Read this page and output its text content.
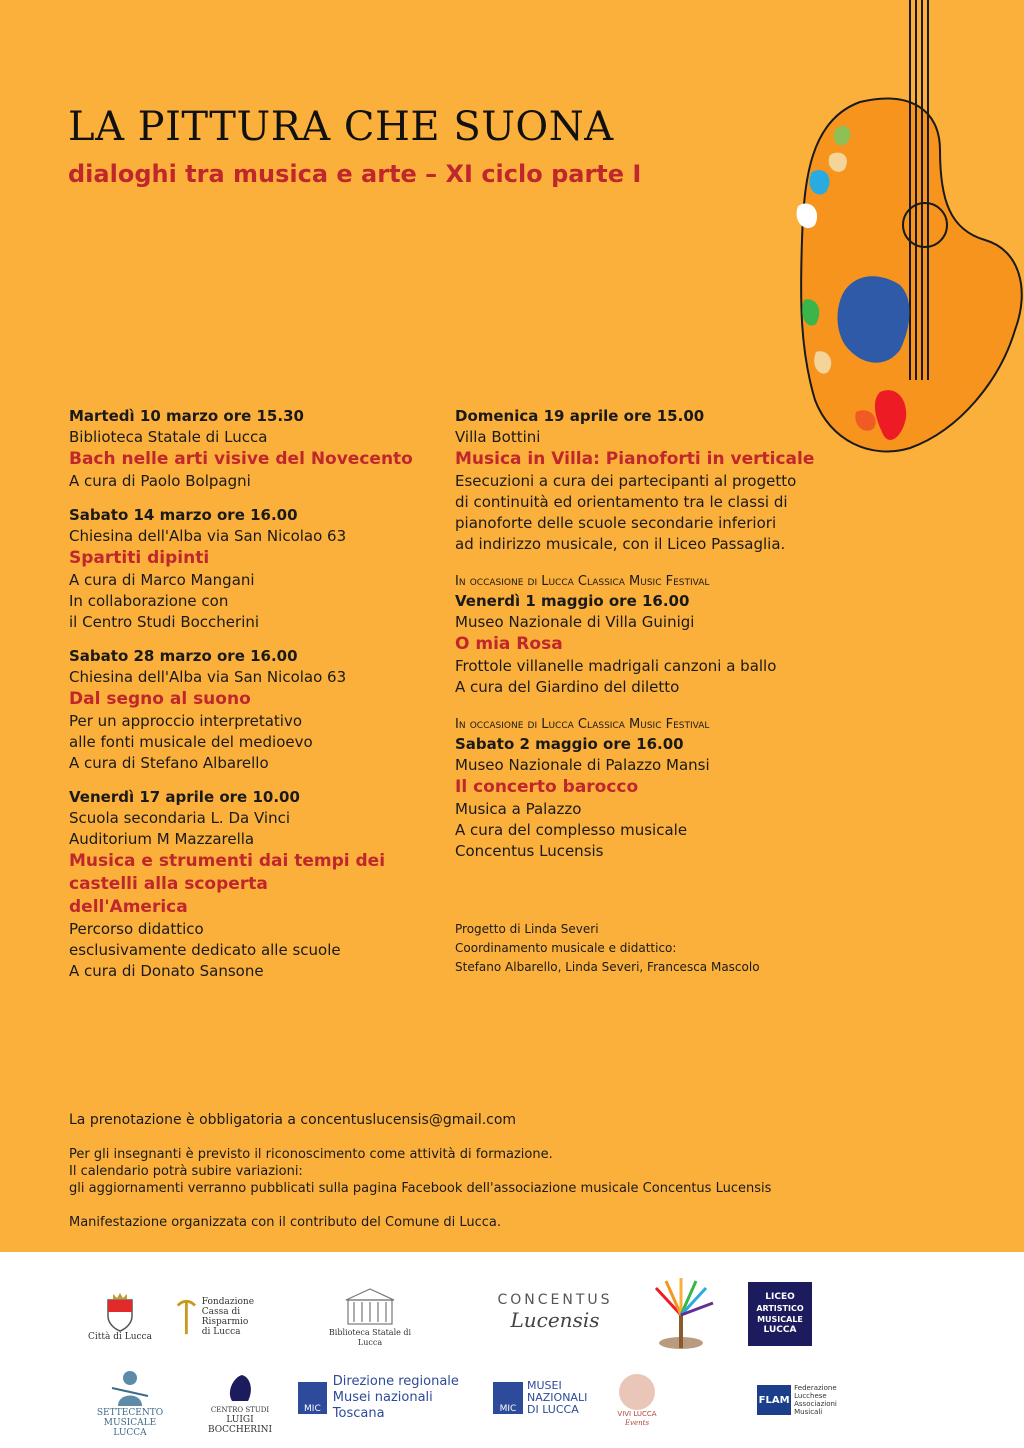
LA PITTURA CHE SUONA
dialoghi tra musica e arte – XI ciclo parte I
Martedì 10 marzo ore 15.30
Biblioteca Statale di Lucca
Bach nelle arti visive del Novecento
A cura di Paolo Bolpagni
Sabato 14 marzo ore 16.00
Chiesina dell'Alba via San Nicolao 63
Spartiti dipinti
A cura di Marco Mangani
In collaborazione con
il Centro Studi Boccherini
Sabato 28 marzo ore 16.00
Chiesina dell'Alba via San Nicolao 63
Dal segno al suono
Per un approccio interpretativo
alle fonti musicale del medioevo
A cura di Stefano Albarello
Venerdì 17 aprile ore 10.00
Scuola secondaria L. Da Vinci
Auditorium M Mazzarella
Musica e strumenti dai tempi dei castelli alla scoperta dell'America
Percorso didattico
esclusivamente dedicato alle scuole
A cura di Donato Sansone
Domenica 19 aprile ore 15.00
Villa Bottini
Musica in Villa: Pianoforti in verticale
Esecuzioni a cura dei partecipanti al progetto
di continuità ed orientamento tra le classi di
pianoforte delle scuole secondarie inferiori
ad indirizzo musicale, con il Liceo Passaglia.
In occasione di Lucca Classica Music Festival
Venerdì 1 maggio ore 16.00
Museo Nazionale di Villa Guinigi
O mia Rosa
Frottole villanelle madrigali canzoni a ballo
A cura del Giardino del diletto
In occasione di Lucca Classica Music Festival
Sabato 2 maggio ore 16.00
Museo Nazionale di Palazzo Mansi
Il concerto barocco
Musica a Palazzo
A cura del complesso musicale
Concentus Lucensis
Progetto di Linda Severi
Coordinamento musicale e didattico:
Stefano Albarello, Linda Severi, Francesca Mascolo

La prenotazione è obbligatoria a concentuslucensis@gmail.com

Per gli insegnanti è previsto il riconoscimento come attività di formazione.

Il calendario potrà subire variazioni:

gli aggiornamenti verranno pubblicati sulla pagina Facebook dell'associazione musicale Concentus Lucensis

Manifestazione organizzata con il contributo del Comune di Lucca.

Città di Lucca
Fondazione
Cassa di Risparmio
di Lucca	Biblioteca Statale di Lucca
CONCENTUS
Lucensis
LICEO
ARTISTICO
MUSICALE
LUCCA
SETTECENTO
MUSICALE
LUCCA
CENTRO STUDI
LUIGI
BOCCHERINI
MIC
Direzione regionale
Musei nazionali Toscana	MIC
MUSEI
NAZIONALI
DI LUCCA	VIVI LUCCA
Events
FLAM
Federazione
Lucchese
Associazioni
Musicali
